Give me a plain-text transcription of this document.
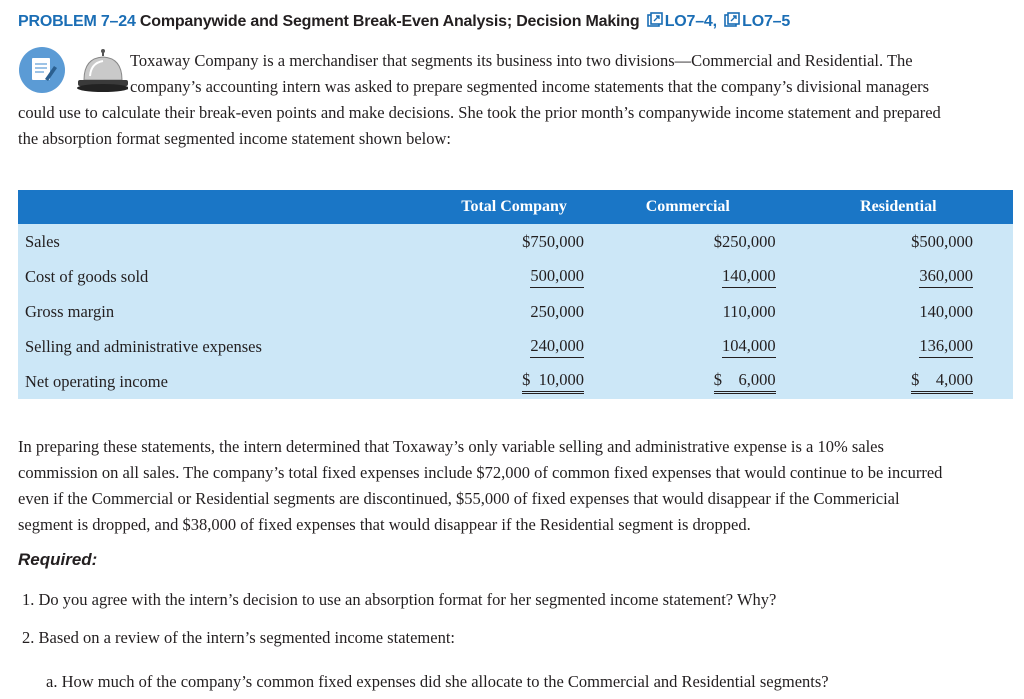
PROBLEM 7–24 Companywide and Segment Break-Even Analysis; Decision Making LO7–4, LO7–5
Toxaway Company is a merchandiser that segments its business into two divisions—Commercial and Residential. The
company’s accounting intern was asked to prepare segmented income statements that the company’s divisional managers
could use to calculate their break-even points and make decisions. She took the prior month’s companywide income statement and prepared
the absorption format segmented income statement shown below:
	Total Company	Commercial	Residential
Sales	$750,000	$250,000	$500,000
Cost of goods sold	500,000	140,000	360,000
Gross margin	250,000	110,000	140,000
Selling and administrative expenses	240,000	104,000	136,000
Net operating income	$  10,000	$    6,000	$    4,000
In preparing these statements, the intern determined that Toxaway’s only variable selling and administrative expense is a 10% sales
commission on all sales. The company’s total fixed expenses include $72,000 of common fixed expenses that would continue to be incurred
even if the Commercial or Residential segments are discontinued, $55,000 of fixed expenses that would disappear if the Commericial
segment is dropped, and $38,000 of fixed expenses that would disappear if the Residential segment is dropped.
Required:
1. Do you agree with the intern’s decision to use an absorption format for her segmented income statement? Why?
2. Based on a review of the intern’s segmented income statement:
a. How much of the company’s common fixed expenses did she allocate to the Commercial and Residential segments?
